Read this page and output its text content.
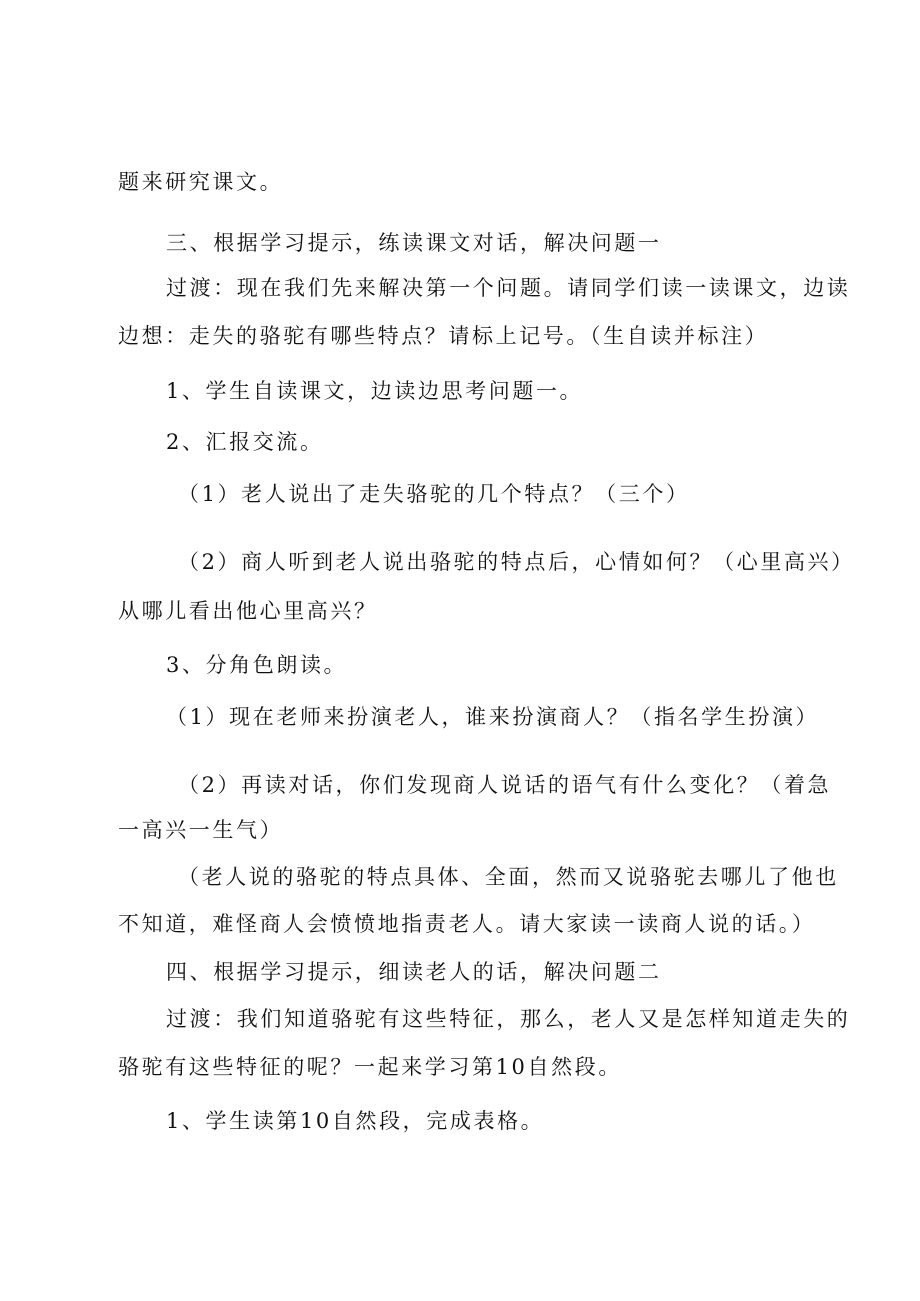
题来研究课文。
三、根据学习提示，练读课文对话，解决问题一
过渡：现在我们先来解决第一个问题。请同学们读一读课文，边读
边想：走失的骆驼有哪些特点？请标上记号。（生自读并标注）
1、学生自读课文，边读边思考问题一。
2、汇报交流。
（1）老人说出了走失骆驼的几个特点？（三个）
（2）商人听到老人说出骆驼的特点后，心情如何？（心里高兴）
从哪儿看出他心里高兴？
3、分角色朗读。
（1）现在老师来扮演老人，谁来扮演商人？（指名学生扮演）
（2）再读对话，你们发现商人说话的语气有什么变化？（着急
一高兴一生气）
（老人说的骆驼的特点具体、全面，然而又说骆驼去哪儿了他也
不知道，难怪商人会愤愤地指责老人。请大家读一读商人说的话。）
四、根据学习提示，细读老人的话，解决问题二
过渡：我们知道骆驼有这些特征，那么，老人又是怎样知道走失的
骆驼有这些特征的呢？一起来学习第10自然段。
1、学生读第10自然段，完成表格。
